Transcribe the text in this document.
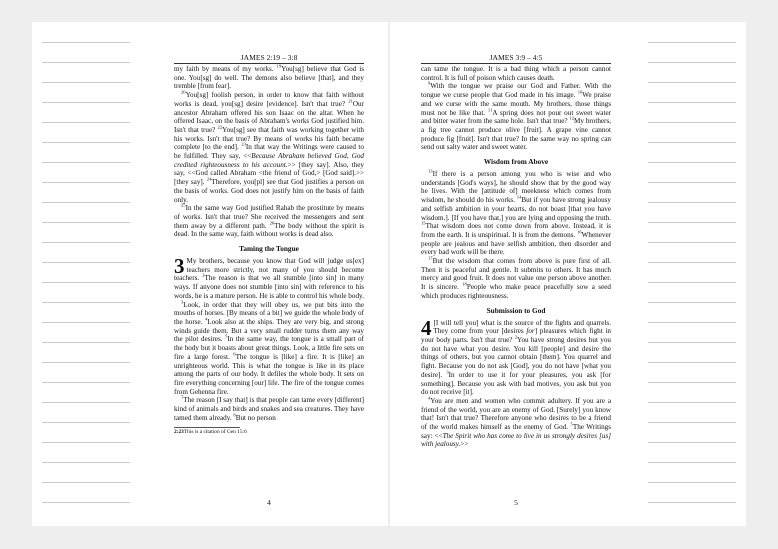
JAMES 2:19 – 3:8

my faith by means of my works. $^{19}$You[sg] believe that God is one. You[sg] do well. The demons also believe [that], and they tremble [from fear].

$^{20}$You[sg] foolish person, in order to know that faith without works is dead, you[sg] desire [evidence]. Isn't that true? $^{21}$Our ancestor Abraham offered his son Isaac on the altar. When he offered Isaac, on the basis of Abraham's works God justified him. Isn't that true? $^{22}$You[sg] see that faith was working together with his works. Isn't that true? By means of works his faith became complete [to the end]. $^{23}$In that way the Writings were caused to be fulfilled. They say, <<Because Abraham believed God, God credited righteousness to his account.>> [they say]. Also, they say, <<God called Abraham <the friend of God,> [God said].>> [they say]. $^{24}$Therefore, you[pl] see that God justifies a person on the basis of works. God does not justify him on the basis of faith only.

$^{25}$In the same way God justified Rahab the prostitute by means of works. Isn't that true? She received the messengers and sent them away by a different path. $^{26}$The body without the spirit is dead. In the same way, faith without works is dead also.

Taming the Tongue

3 My brothers, because you know that God will judge us[ex] teachers more strictly, not many of you should become teachers. $^2$The reason is that we all stumble [into sin] in many ways. If anyone does not stumble [into sin] with reference to his words, he is a mature person. He is able to control his whole body.

$^3$Look, in order that they will obey us, we put bits into the mouths of horses. [By means of a bit] we guide the whole body of the horse. $^4$Look also at the ships. They are very big, and strong winds guide them. But a very small rudder turns them any way the pilot desires. $^5$In the same way, the tongue is a small part of the body but it boasts about great things. Look, a little fire sets on fire a large forest. $^6$The tongue is [like] a fire. It is [like] an unrighteous world. This is what the tongue is like in its place among the parts of our body. It defiles the whole body. It sets on fire everything concerning [our] life. The fire of the tongue comes from Gehenna fire.

$^7$The reason [I say that] is that people can tame every [different] kind of animals and birds and snakes and sea creatures. They have tamed them already. $^8$But no person

2:23This is a citation of Gen 15:6
4
JAMES 3:9 – 4:5

can tame the tongue. It is a bad thing which a person cannot control. It is full of poison which causes death.

$^9$With the tongue we praise our God and Father. With the tongue we curse people that God made in his image. $^{10}$We praise and we curse with the same mouth. My brothers, those things must not be like that. $^{11}$A spring does not pour out sweet water and bitter water from the same hole. Isn't that true? $^{12}$My brothers, a fig tree cannot produce olive [fruit]. A grape vine cannot produce fig [fruit]. Isn't that true? In the same way no spring can send out salty water and sweet water.

Wisdom from Above

$^{13}$If there is a person among you who is wise and who understands [God's ways], he should show that by the good way he lives. With the [attitude of] meekness which comes from wisdom, he should do his works. $^{14}$But if you have strong jealousy and selfish ambition in your hearts, do not boast [that you have wisdom.]. [If you have that,] you are lying and opposing the truth. $^{15}$That wisdom does not come down from above. Instead, it is from the earth. It is unspiritual. It is from the demons. $^{16}$Whenever people are jealous and have selfish ambition, then disorder and every bad work will be there.

$^{17}$But the wisdom that comes from above is pure first of all. Then it is peaceful and gentle. It submits to others. It has much mercy and good fruit. It does not value one person above another. It is sincere. $^{18}$People who make peace peacefully sow a seed which produces righteousness.

Submission to God

4 [I will tell you] what is the source of the fights and quarrels. They come from your [desires for] pleasures which fight in your body parts. Isn't that true? $^2$You have strong desires but you do not have what you desire. You kill [people] and desire the things of others, but you cannot obtain [them]. You quarrel and fight. Because you do not ask [God], you do not have [what you desire]. $^3$In order to use it for your pleasures, you ask [for something]. Because you ask with bad motives, you ask but you do not receive [it].

$^4$You are men and women who commit adultery. If you are a friend of the world, you are an enemy of God. [Surely] you know that! Isn't that true? Therefore anyone who desires to be a friend of the world makes himself as the enemy of God. $^5$The Writings say: <<The Spirit who has come to live in us strongly desires [us] with jealousy.>>

5
